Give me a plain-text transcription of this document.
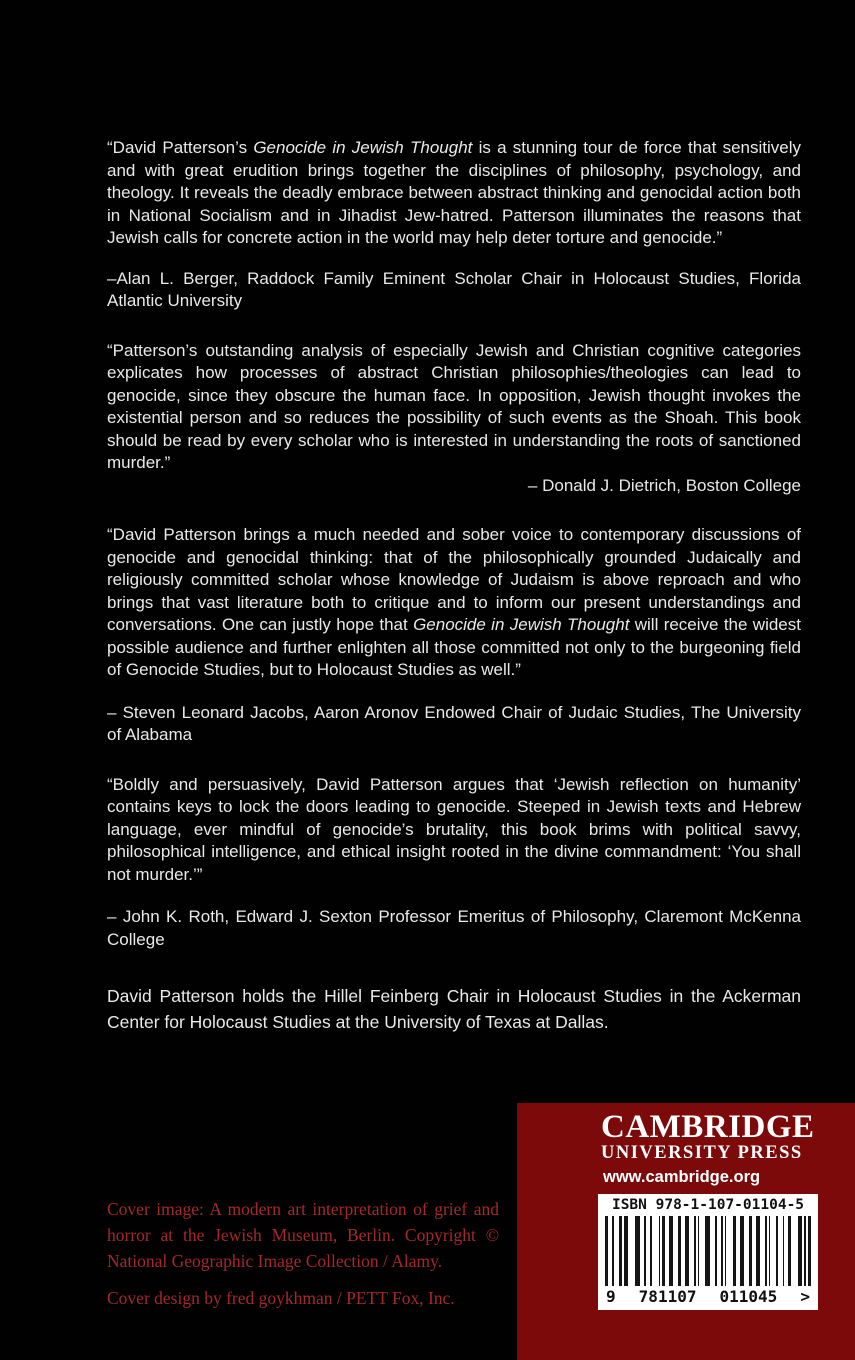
“David Patterson’s Genocide in Jewish Thought is a stunning tour de force that sensitively and with great erudition brings together the disciplines of philosophy, psychology, and theology. It reveals the deadly embrace between abstract thinking and genocidal action both in National Socialism and in Jihadist Jew-hatred. Patterson illuminates the reasons that Jewish calls for concrete action in the world may help deter torture and genocide.”

–Alan L. Berger, Raddock Family Eminent Scholar Chair in Holocaust Studies, Florida Atlantic University

“Patterson’s outstanding analysis of especially Jewish and Christian cognitive categories explicates how processes of abstract Christian philosophies/theologies can lead to genocide, since they obscure the human face. In opposition, Jewish thought invokes the existential person and so reduces the possibility of such events as the Shoah. This book should be read by every scholar who is interested in understanding the roots of sanctioned murder.”

– Donald J. Dietrich, Boston College

“David Patterson brings a much needed and sober voice to contemporary discussions of genocide and genocidal thinking: that of the philosophically grounded Judaically and religiously committed scholar whose knowledge of Judaism is above reproach and who brings that vast literature both to critique and to inform our present understandings and conversations. One can justly hope that Genocide in Jewish Thought will receive the widest possible audience and further enlighten all those committed not only to the burgeoning field of Genocide Studies, but to Holocaust Studies as well.”

– Steven Leonard Jacobs, Aaron Aronov Endowed Chair of Judaic Studies, The University of Alabama

“Boldly and persuasively, David Patterson argues that ‘Jewish reflection on humanity’ contains keys to lock the doors leading to genocide. Steeped in Jewish texts and Hebrew language, ever mindful of genocide’s brutality, this book brims with political savvy, philosophical intelligence, and ethical insight rooted in the divine commandment: ‘You shall not murder.’”

– John K. Roth, Edward J. Sexton Professor Emeritus of Philosophy, Claremont McKenna College

David Patterson holds the Hillel Feinberg Chair in Holocaust Studies in the Ackerman Center for Holocaust Studies at the University of Texas at Dallas.

CAMBRIDGE
UNIVERSITY PRESS
www.cambridge.org
ISBN 978-1-107-01104-5
9 781107 011045 >

Cover image: A modern art interpretation of grief and horror at the Jewish Museum, Berlin. Copyright © National Geographic Image Collection / Alamy.

Cover design by fred goykhman / PETT Fox, Inc.
